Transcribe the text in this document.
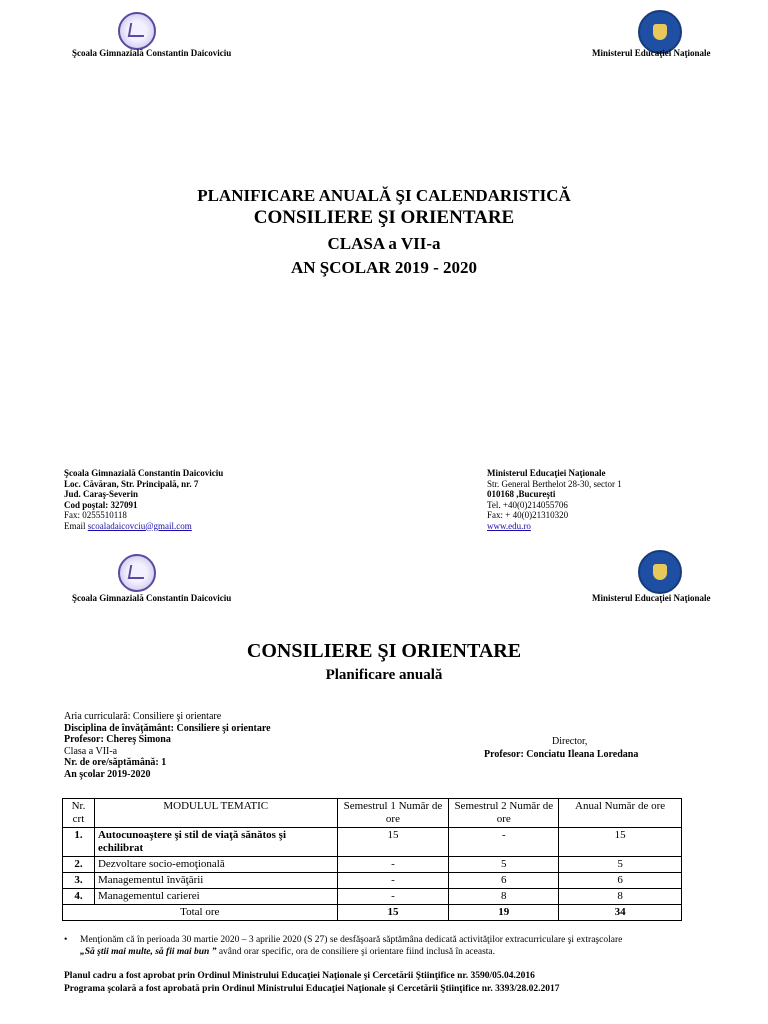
Şcoala Gimnazială Constantin Daicoviciu	Ministerul Educaţiei Naţionale
PLANIFICARE ANUALĂ ŞI CALENDARISTICĂ
CONSILIERE ŞI ORIENTARE
CLASA a VII-a
AN ŞCOLAR 2019 - 2020
Şcoala Gimnazială Constantin Daicoviciu
Loc. Căvăran, Str. Principală, nr. 7
Jud. Caraş-Severin
Cod poştal: 327091
Fax: 0255510118
Email scoaladaicovciu@gmail.com
Ministerul Educaţiei Naţionale
Str. General Berthelot 28-30, sector 1
010168 ,Bucureşti
Tel. +40(0)214055706
Fax: + 40(0)21310320
www.edu.ro
Şcoala Gimnazială Constantin Daicoviciu	Ministerul Educaţiei Naţionale
CONSILIERE ŞI ORIENTARE
Planificare anuală
Aria curriculară: Consiliere şi orientare
Disciplina de învăţământ: Consiliere şi orientare
Profesor: Chereş Simona
Clasa a VII-a
Nr. de ore/săptămână: 1
An şcolar 2019-2020
Director,
Profesor: Conciatu Ileana Loredana
Nr. crt	MODULUL TEMATIC	Semestrul 1 Număr de ore	Semestrul 2 Număr de ore	Anual Număr de ore
1.	Autocunoaştere şi stil de viaţă sănătos şi echilibrat	15	-	15
2.	Dezvoltare socio-emoţională	-	5	5
3.	Managementul învăţării	-	6	6
4.	Managementul carierei	-	8	8
Total ore		15	19	34
• Menţionăm că în perioada 30 martie 2020 – 3 aprilie 2020 (S 27) se desfăşoară săptămâna dedicată activităţilor extracurriculare şi extraşcolare
„Să ştii mai multe, să fii mai bun ” având orar specific, ora de consiliere şi orientare fiind inclusă în aceasta.
Planul cadru a fost aprobat prin Ordinul Ministrului Educaţiei Naţionale şi Cercetării Ştiinţifice nr. 3590/05.04.2016
Programa şcolară a fost aprobată prin Ordinul Ministrului Educaţiei Naţionale şi Cercetării Ştiinţifice nr. 3393/28.02.2017
